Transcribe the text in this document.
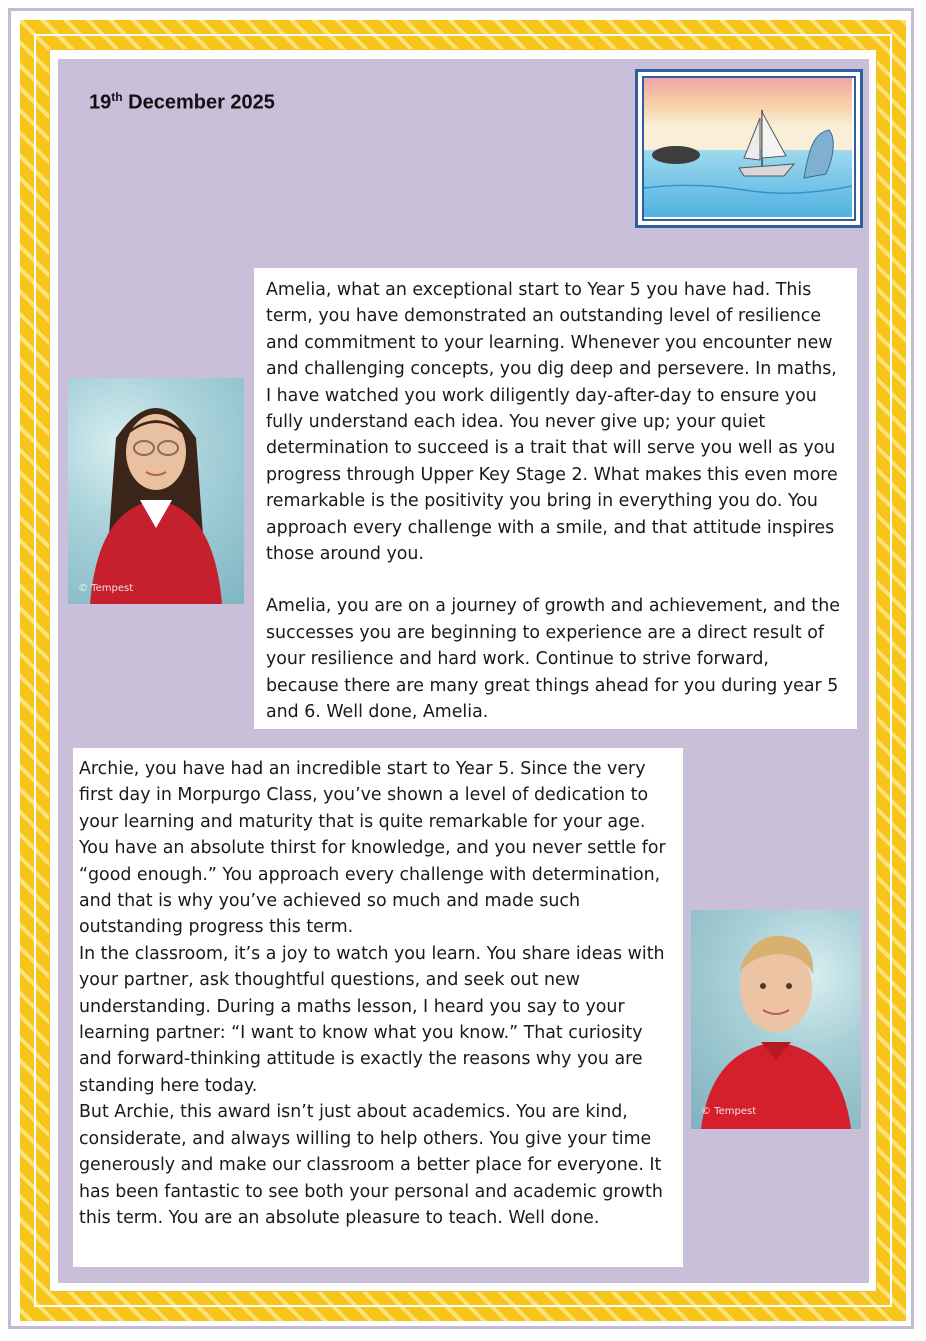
19th December 2025

Amelia, what an exceptional start to Year 5 you have had. This term, you have demonstrated an outstanding level of resilience and commitment to your learning. Whenever you encounter new and challenging concepts, you dig deep and persevere. In maths, I have watched you work diligently day-after-day to ensure you fully understand each idea. You never give up; your quiet determination to succeed is a trait that will serve you well as you progress through Upper Key Stage 2. What makes this even more remarkable is the positivity you bring in everything you do. You approach every challenge with a smile, and that attitude inspires those around you.

Amelia, you are on a journey of growth and achievement, and the successes you are beginning to experience are a direct result of your resilience and hard work. Continue to strive forward, because there are many great things ahead for you during year 5 and 6. Well done, Amelia.

© Tempest

Archie, you have had an incredible start to Year 5. Since the very first day in Morpurgo Class, you’ve shown a level of dedication to your learning and maturity that is quite remarkable for your age. You have an absolute thirst for knowledge, and you never settle for “good enough.” You approach every challenge with determination, and that is why you’ve achieved so much and made such outstanding progress this term.

In the classroom, it’s a joy to watch you learn. You share ideas with your partner, ask thoughtful questions, and seek out new understanding. During a maths lesson, I heard you say to your learning partner: “I want to know what you know.” That curiosity and forward-thinking attitude is exactly the reasons why you are standing here today.

But Archie, this award isn’t just about academics. You are kind, considerate, and always willing to help others. You give your time generously and make our classroom a better place for everyone. It has been fantastic to see both your personal and academic growth this term. You are an absolute pleasure to teach. Well done.

© Tempest
